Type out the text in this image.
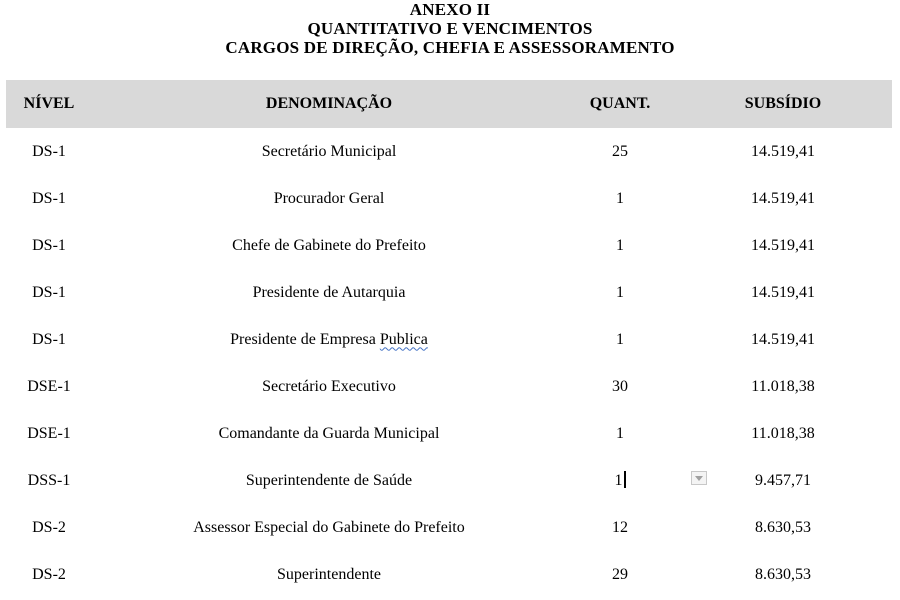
ANEXO II
QUANTITATIVO E VENCIMENTOS
CARGOS DE DIREÇÃO, CHEFIA E ASSESSORAMENTO
NÍVEL	DENOMINAÇÃO	QUANT.	SUBSÍDIO
DS-1	Secretário Municipal	25	14.519,41
DS-1	Procurador Geral	1	14.519,41
DS-1	Chefe de Gabinete do Prefeito	1	14.519,41
DS-1	Presidente de Autarquia	1	14.519,41
DS-1	Presidente de Empresa Publica	1	14.519,41
DSE-1	Secretário Executivo	30	11.018,38
DSE-1	Comandante da Guarda Municipal	1	11.018,38
DSS-1	Superintendente de Saúde	1	9.457,71
DS-2	Assessor Especial do Gabinete do Prefeito	12	8.630,53
DS-2	Superintendente	29	8.630,53
